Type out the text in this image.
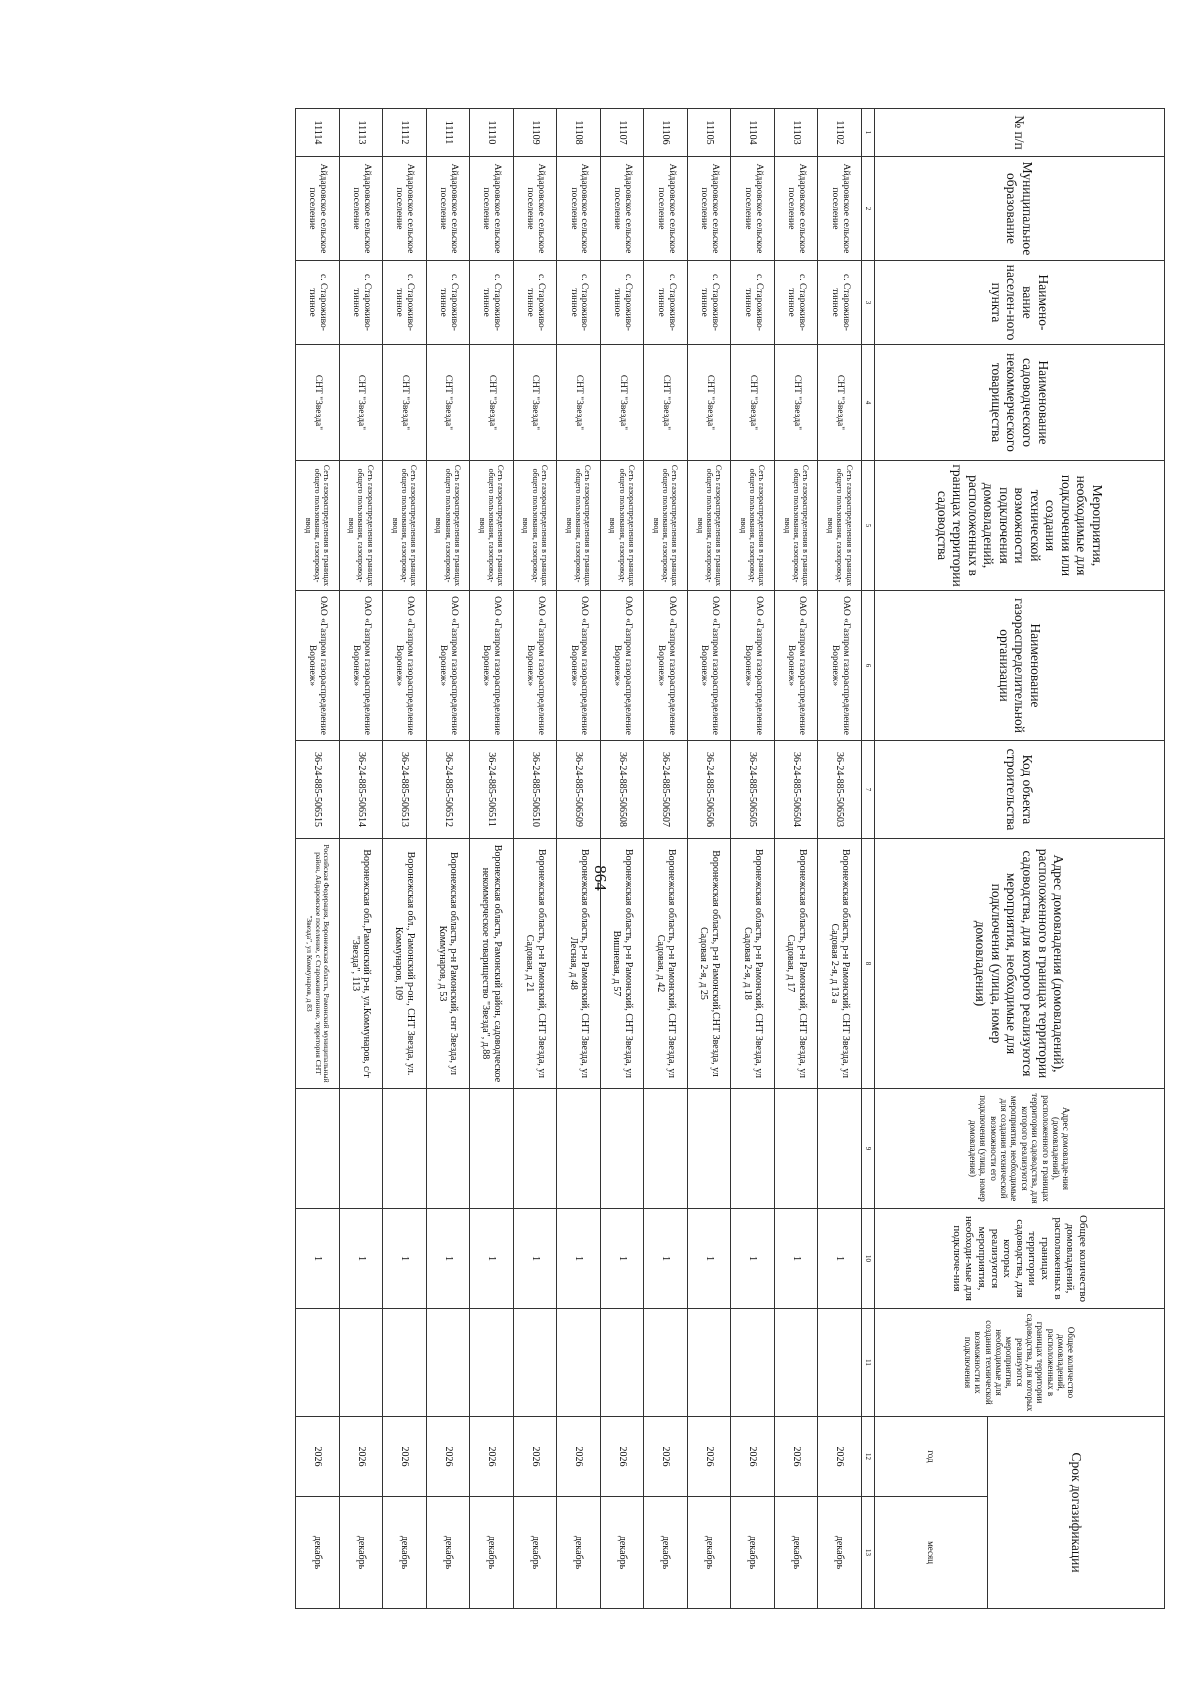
864
№ п/п	Муниципальное образование	Наимено-вание населен-ного пункта	Наименование садоводческого некоммерческого товарищества	Мероприятия, необходимые для подключения или создания технической возможности подключения домовладений, расположенных в границах территории садоводства	Наименование газораспределительной организации	Код объекта строительства	Адрес домовладения (домовладений), расположенного в границах территории садоводства, для которого реализуются мероприятия, необходимые для подключения (улица, номер домовладения)	Адрес домовладе-ния (домовладений), расположенного в границах территории садоводства, для которого реализуются мероприятия, необходимые для создания технической возможности его подключения (улица, номер домовладения)	Общее количество домовладений, расположенных в границах территории садоводства, для которых реализуются мероприятия, необходи-мые для подключе-ния	Общее количество домовладений, расположенных в границах территории садоводства, для которых реализуются мероприятия, необходимые для создания технической возможности их подключения	Срок догазификации	
											год	месяц
1	2	3	4	5	6	7	8	9	10	11	12	13
11102	Айдаровское сельское поселение	с. Староживо-тинное	СНТ "Звезда"	Сеть газораспределения в границах общего пользования, газопровод-ввод	ОАО «Газпром газораспределение Воронеж»	36-24-885-506503	Воронежская область, р-н Рамонский, СНТ Звезда, ул Садовая 2-я, д 13 а		1		2026	декабрь
11103	Айдаровское сельское поселение	с. Староживо-тинное	СНТ "Звезда"	Сеть газораспределения в границах общего пользования, газопровод-ввод	ОАО «Газпром газораспределение Воронеж»	36-24-885-506504	Воронежская область, р-н Рамонский, СНТ Звезда, ул Садовая, д 17		1		2026	декабрь
11104	Айдаровское сельское поселение	с. Староживо-тинное	СНТ "Звезда"	Сеть газораспределения в границах общего пользования, газопровод-ввод	ОАО «Газпром газораспределение Воронеж»	36-24-885-506505	Воронежская область, р-н Рамонский, СНТ Звезда, ул Садовая 2-я, д 18		1		2026	декабрь
11105	Айдаровское сельское поселение	с. Староживо-тинное	СНТ "Звезда"	Сеть газораспределения в границах общего пользования, газопровод-ввод	ОАО «Газпром газораспределение Воронеж»	36-24-885-506506	Воронежская область, р-н Рамонский,СНТ Звезда, ул Садовая 2-я, д 25		1		2026	декабрь
11106	Айдаровское сельское поселение	с. Староживо-тинное	СНТ "Звезда"	Сеть газораспределения в границах общего пользования, газопровод-ввод	ОАО «Газпром газораспределение Воронеж»	36-24-885-506507	Воронежская область, р-н Рамонский, СНТ Звезда, ул Садовая, д 42		1		2026	декабрь
11107	Айдаровское сельское поселение	с. Староживо-тинное	СНТ "Звезда"	Сеть газораспределения в границах общего пользования, газопровод-ввод	ОАО «Газпром газораспределение Воронеж»	36-24-885-506508	Воронежская область, р-н Рамонский, СНТ Звезда, ул Вишневая, д 57		1		2026	декабрь
11108	Айдаровское сельское поселение	с. Староживо-тинное	СНТ "Звезда"	Сеть газораспределения в границах общего пользования, газопровод-ввод	ОАО «Газпром газораспределение Воронеж»	36-24-885-506509	Воронежская область, р-н Рамонский, СНТ Звезда, ул Лесная, д 48		1		2026	декабрь
11109	Айдаровское сельское поселение	с. Староживо-тинное	СНТ "Звезда"	Сеть газораспределения в границах общего пользования, газопровод-ввод	ОАО «Газпром газораспределение Воронеж»	36-24-885-506510	Воронежская область, р-н Рамонский, СНТ Звезда, ул Садовая, д 21		1		2026	декабрь
11110	Айдаровское сельское поселение	с. Староживо-тинное	СНТ "Звезда"	Сеть газораспределения в границах общего пользования, газопровод-ввод	ОАО «Газпром газораспределение Воронеж»	36-24-885-506511	Воронежская область, Рамонский район, садоводческое некоммерческое товарищество "Звезда", д.88		1		2026	декабрь
11111	Айдаровское сельское поселение	с. Староживо-тинное	СНТ "Звезда"	Сеть газораспределения в границах общего пользования, газопровод-ввод	ОАО «Газпром газораспределение Воронеж»	36-24-885-506512	Воронежская область, р-н Рамонский, снт Звезда, ул Коммунаров, д 53		1		2026	декабрь
11112	Айдаровское сельское поселение	с. Староживо-тинное	СНТ "Звезда"	Сеть газораспределения в границах общего пользования, газопровод-ввод	ОАО «Газпром газораспределение Воронеж»	36-24-885-506513	Воронежская обл., Рамонский р-он., СНТ Звезда, ул. Коммунаров, 109		1		2026	декабрь
11113	Айдаровское сельское поселение	с. Староживо-тинное	СНТ "Звезда"	Сеть газораспределения в границах общего пользования, газопровод-ввод	ОАО «Газпром газораспределение Воронеж»	36-24-885-506514	Воронежская обл.,Рамонский р-н, ул.Коммунаров, с/т "Звезда", 113		1		2026	декабрь
11114	Айдаровское сельское поселение	с. Староживо-тинное	СНТ "Звезда"	Сеть газораспределения в границах общего пользования, газопровод-ввод	ОАО «Газпром газораспределение Воронеж»	36-24-885-506515	Российская Федерация, Воронежская область, Рамонский муниципальный район, Айдаровское поселение, с Староживотинное, территория СНТ "Звезда", ул Коммунаров, д 83		1		2026	декабрь
